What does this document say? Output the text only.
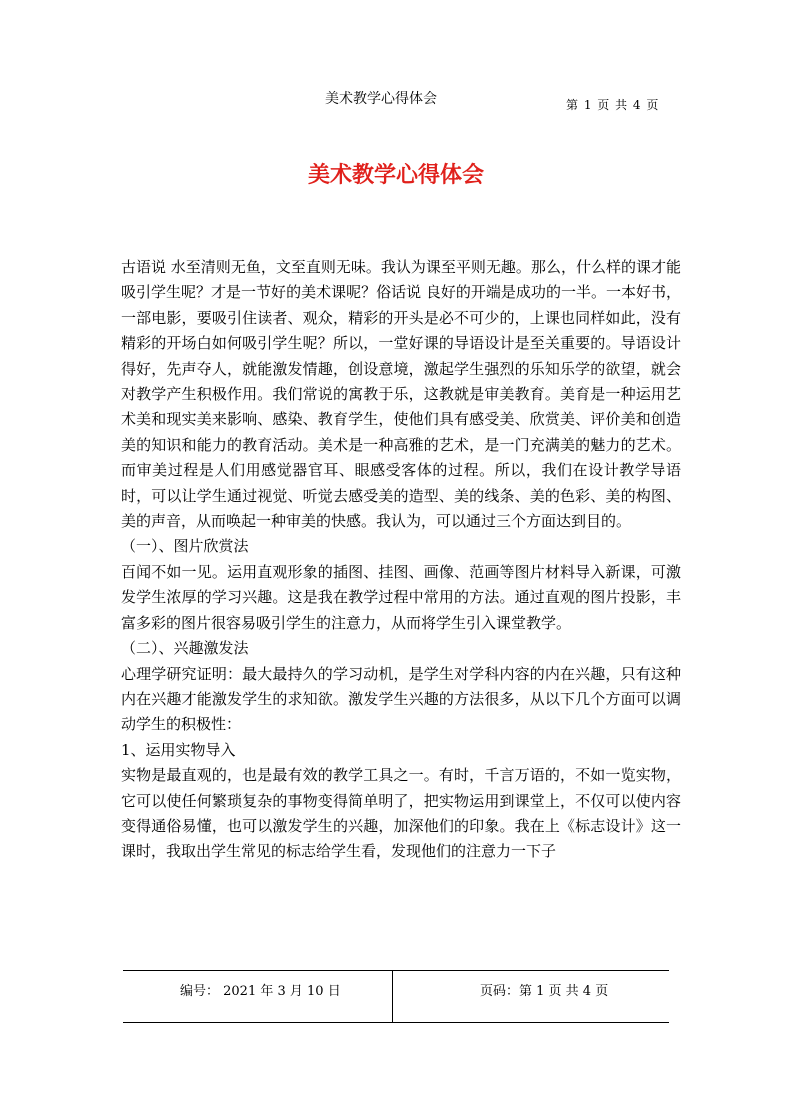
美术教学心得体会	第 1 页 共 4 页
美术教学心得体会

古语说 水至清则无鱼，文至直则无味。我认为课至平则无趣。那么，什么样的课才能吸引学生呢？才是一节好的美术课呢？俗话说 良好的开端是成功的一半。一本好书，一部电影，要吸引住读者、观众，精彩的开头是必不可少的，上课也同样如此，没有精彩的开场白如何吸引学生呢？所以，一堂好课的导语设计是至关重要的。导语设计得好，先声夺人，就能激发情趣，创设意境，激起学生强烈的乐知乐学的欲望，就会对教学产生积极作用。我们常说的寓教于乐，这教就是审美教育。美育是一种运用艺术美和现实美来影响、感染、教育学生，使他们具有感受美、欣赏美、评价美和创造美的知识和能力的教育活动。美术是一种高雅的艺术，是一门充满美的魅力的艺术。而审美过程是人们用感觉器官耳、眼感受客体的过程。所以，我们在设计教学导语时，可以让学生通过视觉、听觉去感受美的造型、美的线条、美的色彩、美的构图、美的声音，从而唤起一种审美的快感。我认为，可以通过三个方面达到目的。

（一）、图片欣赏法

百闻不如一见。运用直观形象的插图、挂图、画像、范画等图片材料导入新课，可激发学生浓厚的学习兴趣。这是我在教学过程中常用的方法。通过直观的图片投影，丰富多彩的图片很容易吸引学生的注意力，从而将学生引入课堂教学。

（二）、兴趣激发法

心理学研究证明：最大最持久的学习动机，是学生对学科内容的内在兴趣，只有这种内在兴趣才能激发学生的求知欲。激发学生兴趣的方法很多，从以下几个方面可以调动学生的积极性：

1、运用实物导入

实物是最直观的，也是最有效的教学工具之一。有时，千言万语的，不如一览实物，它可以使任何繁琐复杂的事物变得简单明了，把实物运用到课堂上，不仅可以使内容变得通俗易懂，也可以激发学生的兴趣，加深他们的印象。我在上《标志设计》这一课时，我取出学生常见的标志给学生看，发现他们的注意力一下子

编号： 2021 年 3 月 10 日	页码：第 1 页 共 4 页
